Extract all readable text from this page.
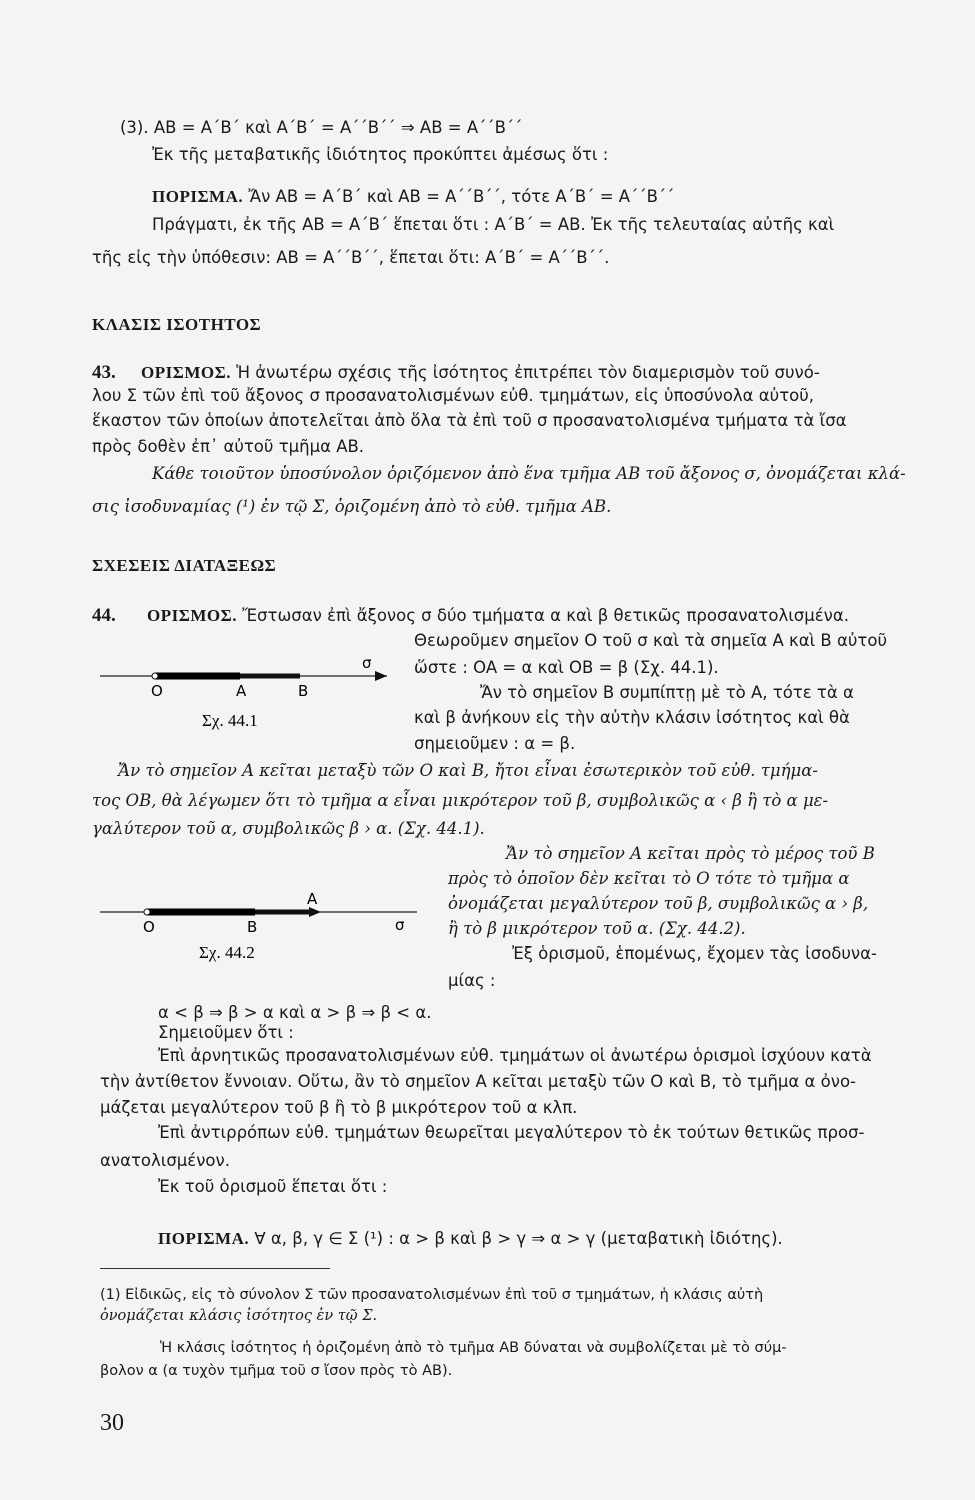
(3). AB = A΄B΄ καὶ A΄B΄ = A΄΄B΄΄ ⇒ AB = A΄΄B΄΄
Ἐκ τῆς μεταβατικῆς ἰδιότητος προκύπτει ἀμέσως ὅτι :
ΠΟΡΙΣΜΑ. Ἄν AB = A΄B΄ καὶ AB = A΄΄B΄΄, τότε A΄B΄ = A΄΄B΄΄
Πράγματι, ἐκ τῆς AB = A΄B΄ ἕπεται ὅτι : A΄B΄ = AB. Ἐκ τῆς τελευταίας αὐτῆς καὶ
τῆς εἰς τὴν ὑπόθεσιν: AB = A΄΄B΄΄, ἕπεται ὅτι: A΄B΄ = A΄΄B΄΄.
ΚΛΑΣΙΣ ΙΣΟΤΗΤΟΣ
43. ΟΡΙΣΜΟΣ. Ἡ ἀνωτέρω σχέσις τῆς ἰσότητος ἐπιτρέπει τὸν διαμερισμὸν τοῦ συνό-
λου Σ τῶν ἐπὶ τοῦ ἄξονος σ προσανατολισμένων εὐθ. τμημάτων, εἰς ὑποσύνολα αὐτοῦ,
ἕκαστον τῶν ὁποίων ἀποτελεῖται ἀπὸ ὅλα τὰ ἐπὶ τοῦ σ προσανατολισμένα τμήματα τὰ ἴσα
πρὸς δοθὲν ἐπ᾿ αὐτοῦ τμῆμα AB.
Κάθε τοιοῦτον ὑποσύνολον ὁριζόμενον ἀπὸ ἕνα τμῆμα AB τοῦ ἄξονος σ, ὀνομάζεται κλά-
σις ἰσοδυναμίας (¹) ἐν τῷ Σ, ὁριζομένη ἀπὸ τὸ εὐθ. τμῆμα AB.
ΣΧΕΣΕΙΣ ΔΙΑΤΑΞΕΩΣ
44. ΟΡΙΣΜΟΣ. Ἔστωσαν ἐπὶ ἄξονος σ δύο τμήματα α καὶ β θετικῶς προσανατολισμένα.
Θεωροῦμεν σημεῖον Ο τοῦ σ καὶ τὰ σημεῖα Α καὶ Β αὐτοῦ
ὥστε : OA = α καὶ OB = β (Σχ. 44.1).
Ἄν τὸ σημεῖον Β συμπίπτῃ μὲ τὸ Α, τότε τὰ α
καὶ β ἀνήκουν εἰς τὴν αὐτὴν κλάσιν ἰσότητος καὶ θὰ
σημειοῦμεν : α = β.
O	A	B
σ
Σχ. 44.1
Ἄν τὸ σημεῖον Α κεῖται μεταξὺ τῶν Ο καὶ Β, ἤτοι εἶναι ἐσωτερικὸν τοῦ εὐθ. τμήμα-
τος OB, θὰ λέγωμεν ὅτι τὸ τμῆμα α εἶναι μικρότερον τοῦ β, συμβολικῶς α ‹ β ἢ τὸ α με-
γαλύτερον τοῦ α, συμβολικῶς β › α. (Σχ. 44.1).
Ἄν τὸ σημεῖον Α κεῖται πρὸς τὸ μέρος τοῦ Β
πρὸς τὸ ὁποῖον δὲν κεῖται τὸ Ο τότε τὸ τμῆμα α
ὀνομάζεται μεγαλύτερον τοῦ β, συμβολικῶς α › β,
ἢ τὸ β μικρότερον τοῦ α. (Σχ. 44.2).
Ἐξ ὁρισμοῦ, ἑπομένως, ἔχομεν τὰς ἰσοδυνα-
μίας :
O	B
A
σ
Σχ. 44.2
α < β ⇒ β > α καὶ α > β ⇒ β < α.
Σημειοῦμεν ὅτι :
Ἐπὶ ἀρνητικῶς προσανατολισμένων εὐθ. τμημάτων οἱ ἀνωτέρω ὁρισμοὶ ἰσχύουν κατὰ
τὴν ἀντίθετον ἔννοιαν. Οὕτω, ἂν τὸ σημεῖον Α κεῖται μεταξὺ τῶν Ο καὶ Β, τὸ τμῆμα α ὀνο-
μάζεται μεγαλύτερον τοῦ β ἢ τὸ β μικρότερον τοῦ α κλπ.
Ἐπὶ ἀντιρρόπων εὐθ. τμημάτων θεωρεῖται μεγαλύτερον τὸ ἐκ τούτων θετικῶς προσ-
ανατολισμένον.
Ἐκ τοῦ ὁρισμοῦ ἕπεται ὅτι :
ΠΟΡΙΣΜΑ. ∀ α, β, γ ∈ Σ (¹) : α > β καὶ β > γ ⇒ α > γ (μεταβατικὴ ἰδιότης).
(1) Εἰδικῶς, εἰς τὸ σύνολον Σ τῶν προσανατολισμένων ἐπὶ τοῦ σ τμημάτων, ἡ κλάσις αὐτὴ
ὀνομάζεται κλάσις ἰσότητος ἐν τῷ Σ.
Ἡ κλάσις ἰσότητος ἡ ὁριζομένη ἀπὸ τὸ τμῆμα AB δύναται νὰ συμβολίζεται μὲ τὸ σύμ-
βολον α (α τυχὸν τμῆμα τοῦ σ ἴσον πρὸς τὸ AB).
30
